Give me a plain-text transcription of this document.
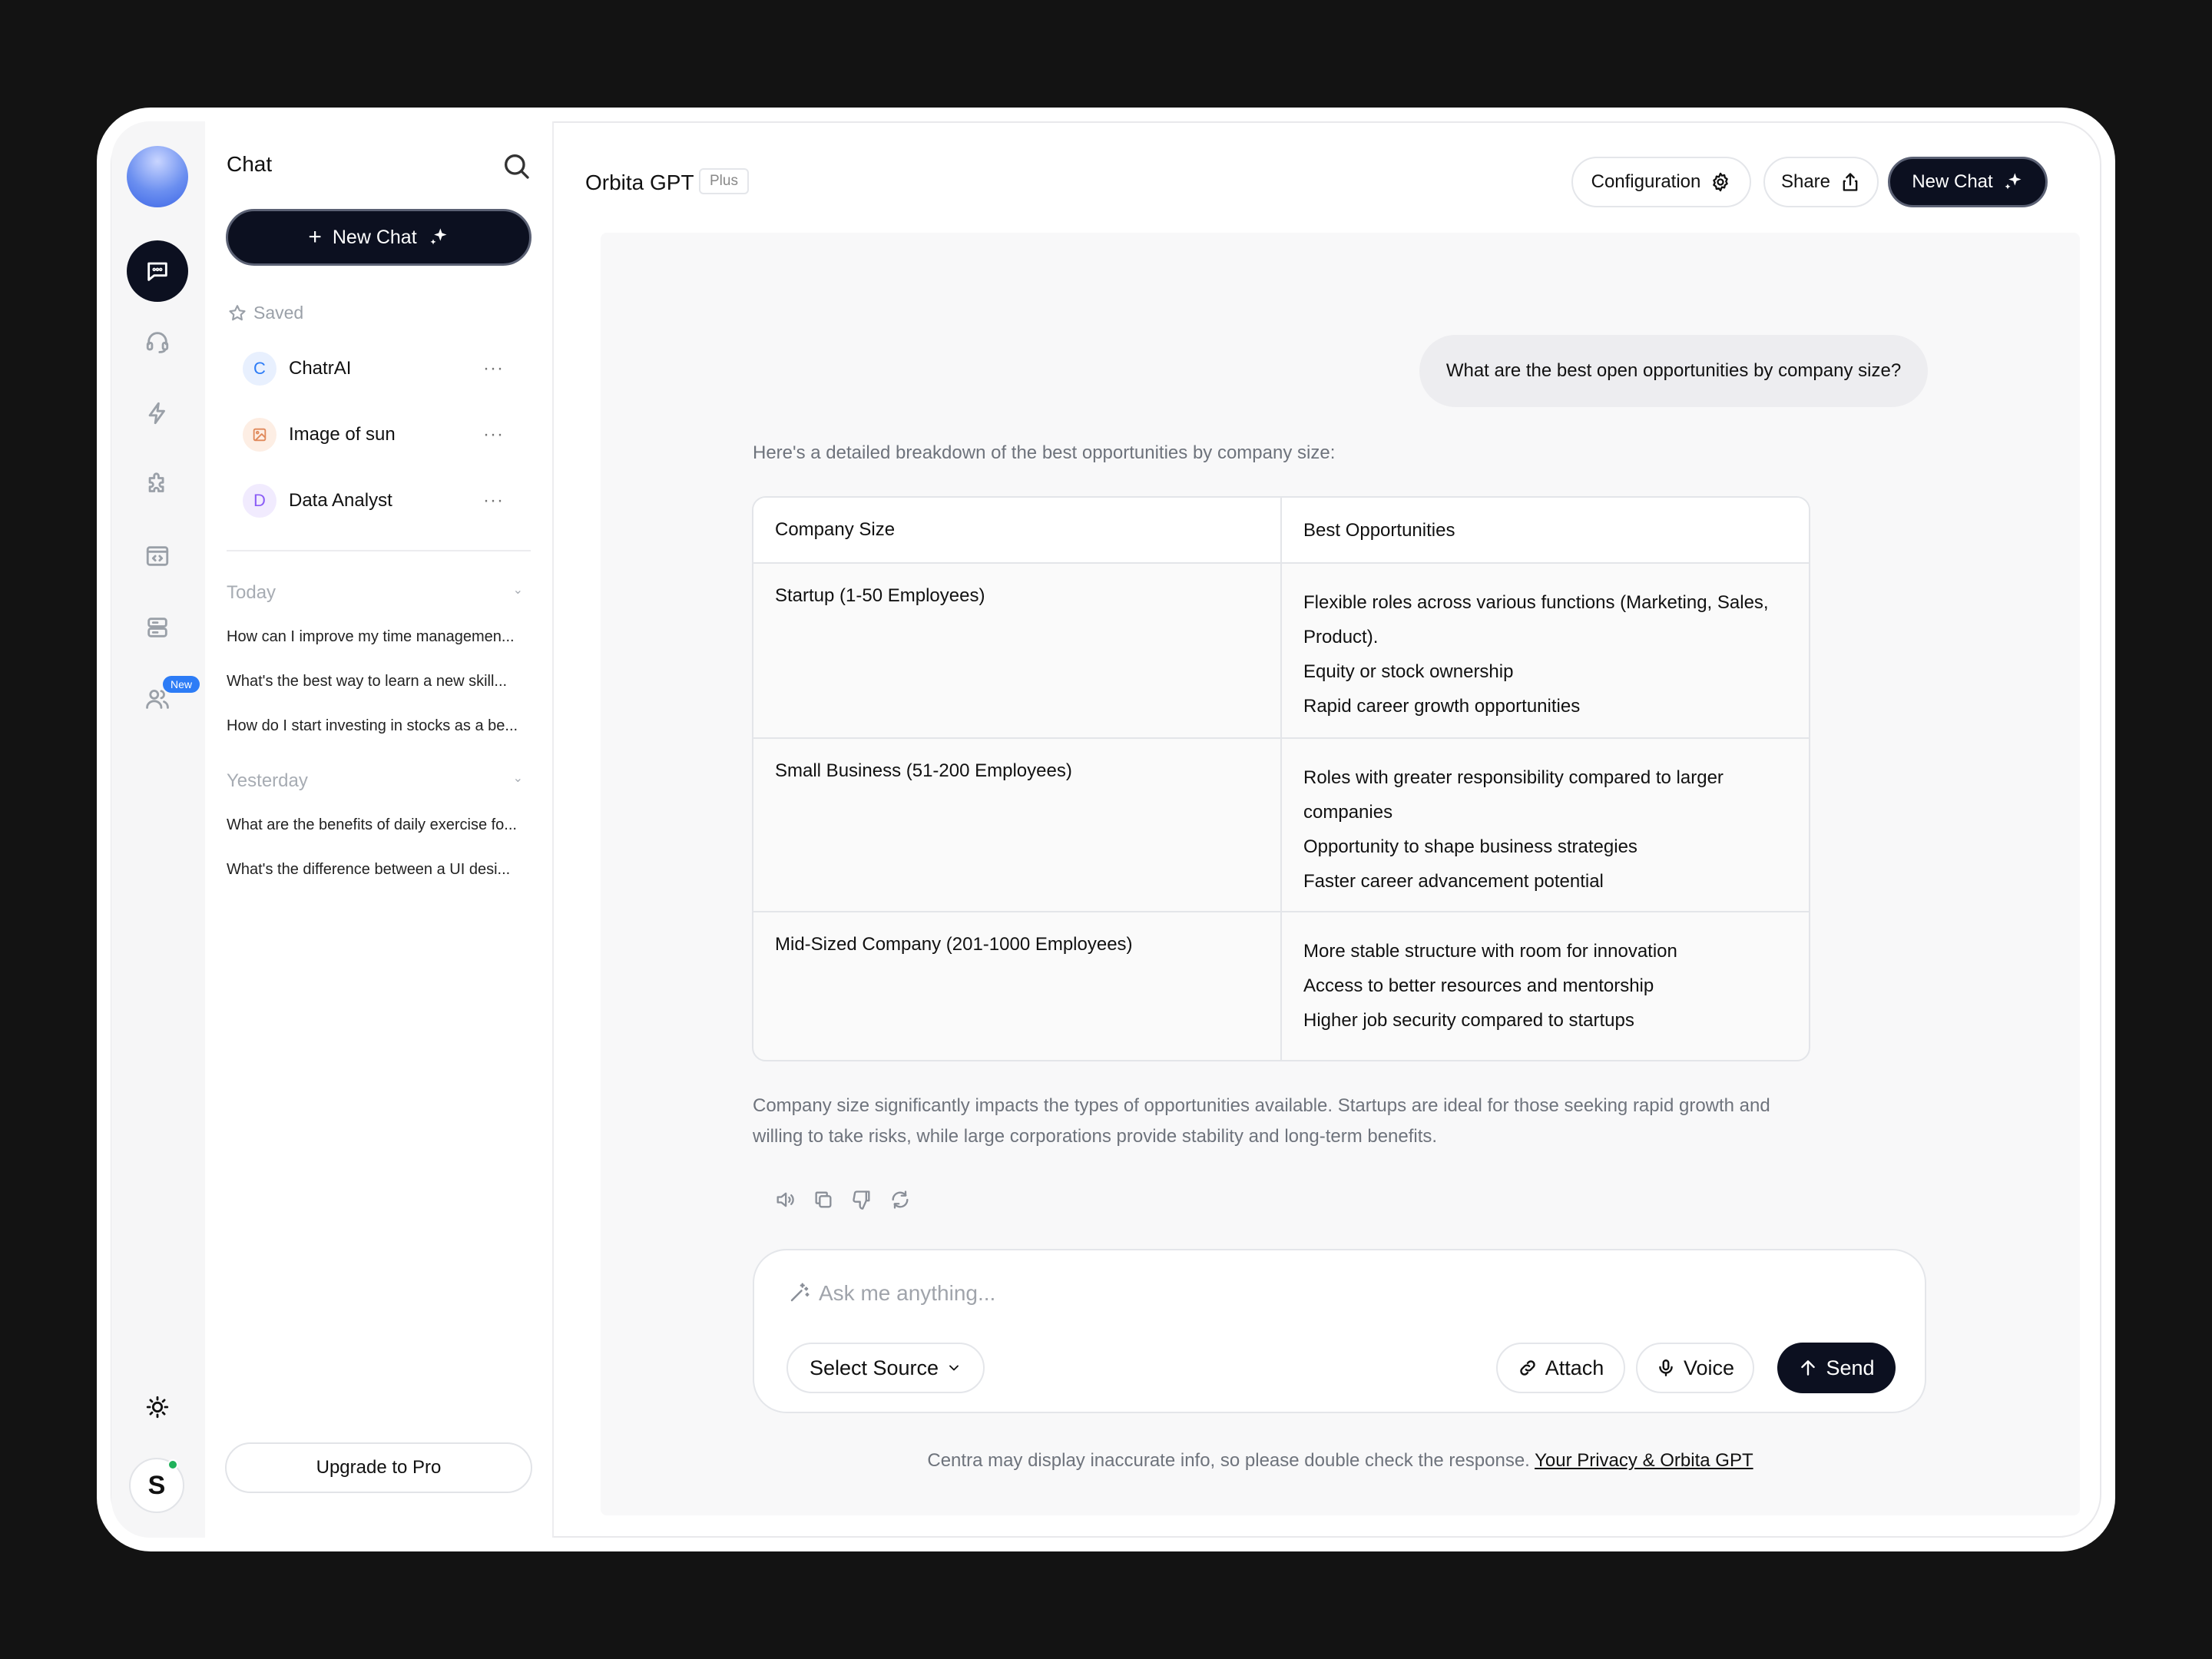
New
S
Chat
+ New Chat
Saved
C	ChatrAI	···
Image of sun	···
D	Data Analyst	···
Today	⌄
How can I improve my time managemen...
What's the best way to learn a new skill...
How do I start investing in stocks as a be...
Yesterday	⌄
What are the benefits of daily exercise fo...
What's the difference between a UI desi...
Upgrade to Pro
Orbita GPT	Plus	Configuration	Share	New Chat
What are the best open opportunities by company size?
Here's a detailed breakdown of the best opportunities by company size:
Company Size	Best Opportunities
Startup (1-50 Employees)	Flexible roles across various functions (Marketing, Sales, Product).
Equity or stock ownership
Rapid career growth opportunities
Small Business (51-200 Employees)	Roles with greater responsibility compared to larger companies
Opportunity to shape business strategies
Faster career advancement potential
Mid-Sized Company (201-1000 Employees)	More stable structure with room for innovation
Access to better resources and mentorship
Higher job security compared to startups
Company size significantly impacts the types of opportunities available. Startups are ideal for those seeking rapid growth and willing to take risks, while large corporations provide stability and long-term benefits.
Ask me anything...
Select Source	Attach	Voice	Send
Centra may display inaccurate info, so please double check the response. Your Privacy & Orbita GPT
